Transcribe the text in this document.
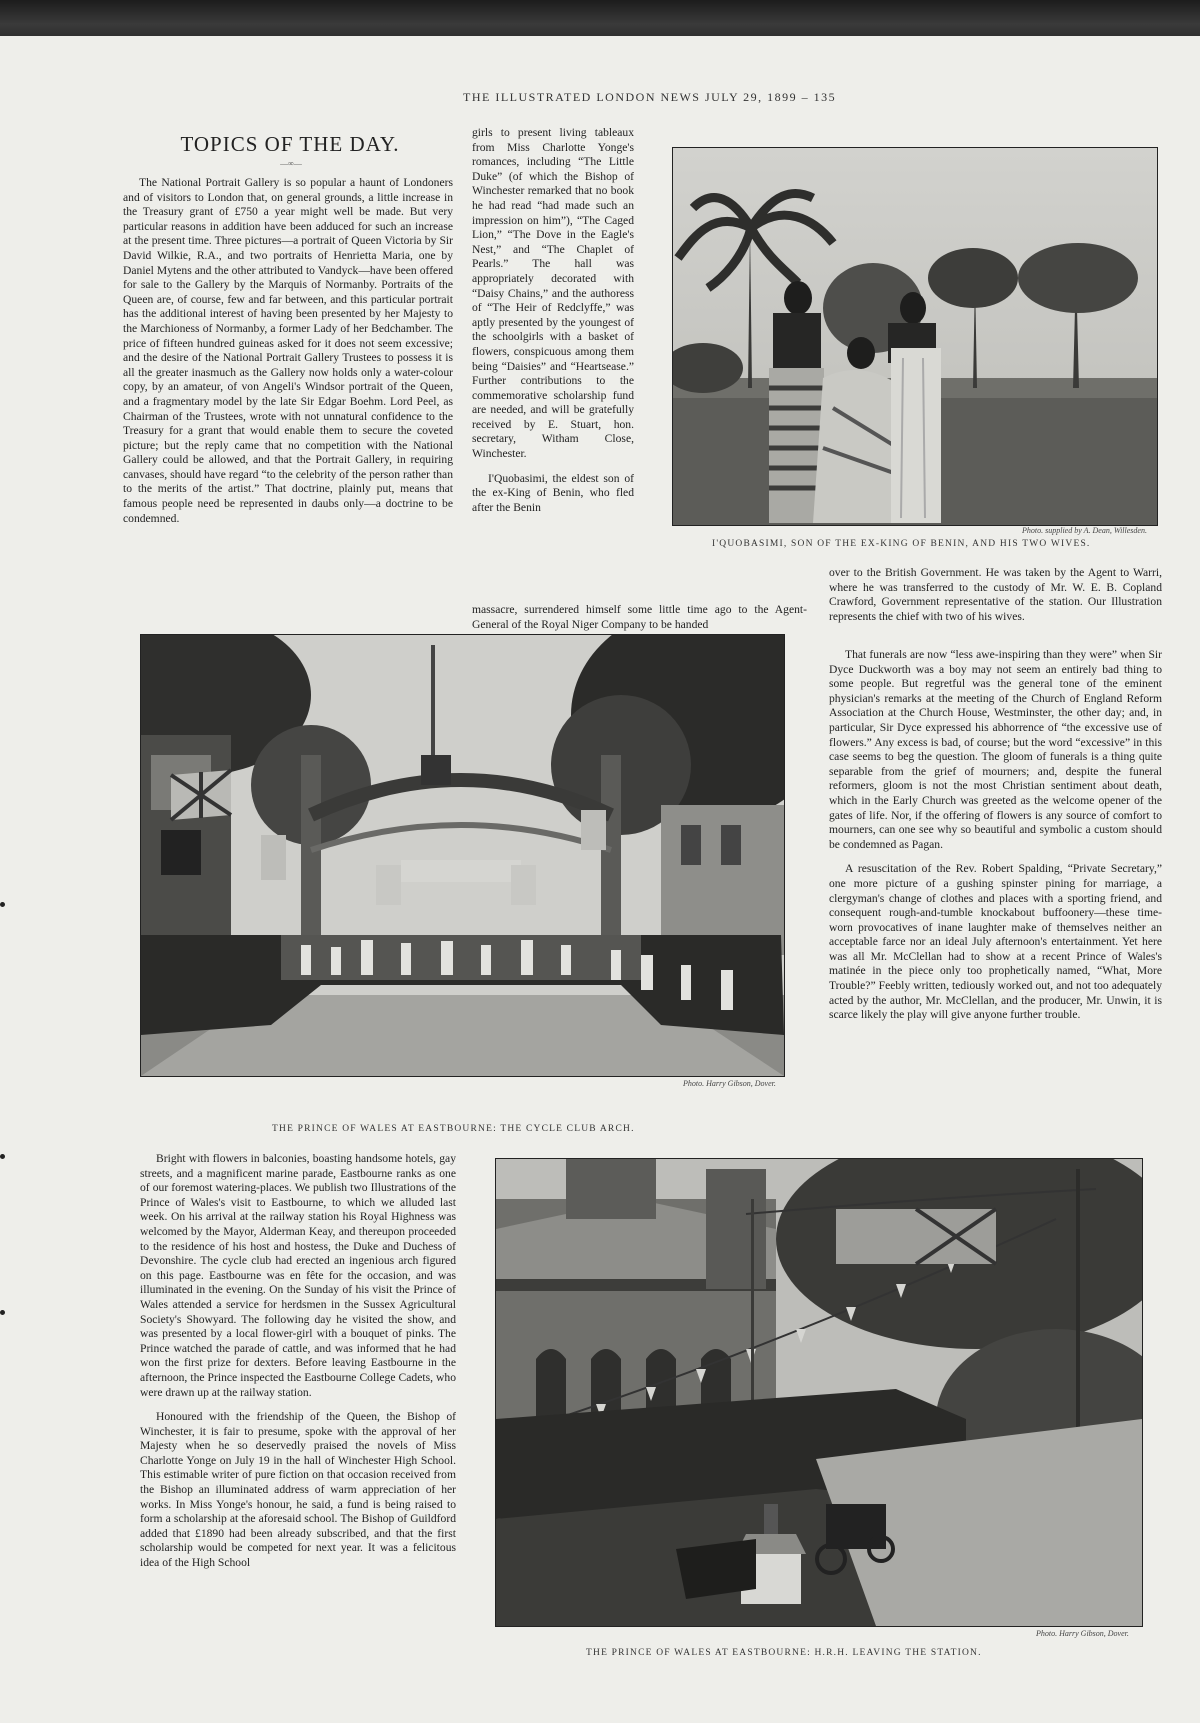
THE ILLUSTRATED LONDON NEWS JULY 29, 1899 – 135
TOPICS OF THE DAY.
—∞—

The National Portrait Gallery is so popular a haunt of Londoners and of visitors to London that, on general grounds, a little increase in the Treasury grant of £750 a year might well be made. But very particular reasons in addition have been adduced for such an increase at the present time. Three pictures—a portrait of Queen Victoria by Sir David Wilkie, R.A., and two portraits of Henrietta Maria, one by Daniel Mytens and the other attributed to Vandyck—have been offered for sale to the Gallery by the Marquis of Normanby. Portraits of the Queen are, of course, few and far between, and this particular portrait has the additional interest of having been presented by her Majesty to the Marchioness of Normanby, a former Lady of her Bedchamber. The price of fifteen hundred guineas asked for it does not seem excessive; and the desire of the National Portrait Gallery Trustees to possess it is all the greater inasmuch as the Gallery now holds only a water-colour copy, by an amateur, of von Angeli's Windsor portrait of the Queen, and a fragmentary model by the late Sir Edgar Boehm. Lord Peel, as Chairman of the Trustees, wrote with not unnatural confidence to the Treasury for a grant that would enable them to secure the coveted picture; but the reply came that no competition with the National Gallery could be allowed, and that the Portrait Gallery, in requiring canvases, should have regard “to the celebrity of the person rather than to the merits of the artist.” That doctrine, plainly put, means that famous people need be represented in daubs only—a doctrine to be condemned.

girls to present living tableaux from Miss Charlotte Yonge's romances, including “The Little Duke” (of which the Bishop of Winchester remarked that no book he had read “had made such an impression on him”), “The Caged Lion,” “The Dove in the Eagle's Nest,” and “The Chaplet of Pearls.” The hall was appropriately decorated with “Daisy Chains,” and the authoress of “The Heir of Redclyffe,” was aptly presented by the youngest of the schoolgirls with a basket of flowers, conspicuous among them being “Daisies” and “Heartsease.” Further contributions to the commemorative scholarship fund are needed, and will be gratefully received by E. Stuart, hon. secretary, Witham Close, Winchester.

I'Quobasimi, the eldest son of the ex-King of Benin, who fled after the Benin

massacre, surrendered himself some little time ago to the Agent-General of the Royal Niger Company to be handed

Photo. supplied by A. Dean, Willesden.
I'QUOBASIMI, SON OF THE EX-KING OF BENIN, AND HIS TWO WIVES.

over to the British Government. He was taken by the Agent to Warri, where he was transferred to the custody of Mr. W. E. B. Copland Crawford, Government representative of the station. Our Illustration represents the chief with two of his wives.

Photo. Harry Gibson, Dover.
THE PRINCE OF WALES AT EASTBOURNE: THE CYCLE CLUB ARCH.

That funerals are now “less awe-inspiring than they were” when Sir Dyce Duckworth was a boy may not seem an entirely bad thing to some people. But regretful was the general tone of the eminent physician's remarks at the meeting of the Church of England Reform Association at the Church House, Westminster, the other day; and, in particular, Sir Dyce expressed his abhorrence of “the excessive use of flowers.” Any excess is bad, of course; but the word “excessive” in this case seems to beg the question. The gloom of funerals is a thing quite separable from the grief of mourners; and, despite the funeral reformers, gloom is not the most Christian sentiment about death, which in the Early Church was greeted as the welcome opener of the gates of life. Nor, if the offering of flowers is any source of comfort to mourners, can one see why so beautiful and symbolic a custom should be condemned as Pagan.

A resuscitation of the Rev. Robert Spalding, “Private Secretary,” one more picture of a gushing spinster pining for marriage, a clergyman's change of clothes and places with a sporting friend, and consequent rough-and-tumble knockabout buffoonery—these time-worn provocatives of inane laughter make of themselves neither an acceptable farce nor an ideal July afternoon's entertainment. Yet here was all Mr. McClellan had to show at a recent Prince of Wales's matinée in the piece only too prophetically named, “What, More Trouble?” Feebly written, tediously worked out, and not too adequately acted by the author, Mr. McClellan, and the producer, Mr. Unwin, it is scarce likely the play will give anyone further trouble.

Bright with flowers in balconies, boasting handsome hotels, gay streets, and a magnificent marine parade, Eastbourne ranks as one of our foremost watering-places. We publish two Illustrations of the Prince of Wales's visit to Eastbourne, to which we alluded last week. On his arrival at the railway station his Royal Highness was welcomed by the Mayor, Alderman Keay, and thereupon proceeded to the residence of his host and hostess, the Duke and Duchess of Devonshire. The cycle club had erected an ingenious arch figured on this page. Eastbourne was en fête for the occasion, and was illuminated in the evening. On the Sunday of his visit the Prince of Wales attended a service for herdsmen in the Sussex Agricultural Society's Showyard. The following day he visited the show, and was presented by a local flower-girl with a bouquet of pinks. The Prince watched the parade of cattle, and was informed that he had won the first prize for dexters. Before leaving Eastbourne in the afternoon, the Prince inspected the Eastbourne College Cadets, who were drawn up at the railway station.

Honoured with the friendship of the Queen, the Bishop of Winchester, it is fair to presume, spoke with the approval of her Majesty when he so deservedly praised the novels of Miss Charlotte Yonge on July 19 in the hall of Winchester High School. This estimable writer of pure fiction on that occasion received from the Bishop an illuminated address of warm appreciation of her works. In Miss Yonge's honour, he said, a fund is being raised to form a scholarship at the aforesaid school. The Bishop of Guildford added that £1890 had been already subscribed, and that the first scholarship would be competed for next year. It was a felicitous idea of the High School

Photo. Harry Gibson, Dover.
THE PRINCE OF WALES AT EASTBOURNE: H.R.H. LEAVING THE STATION.
